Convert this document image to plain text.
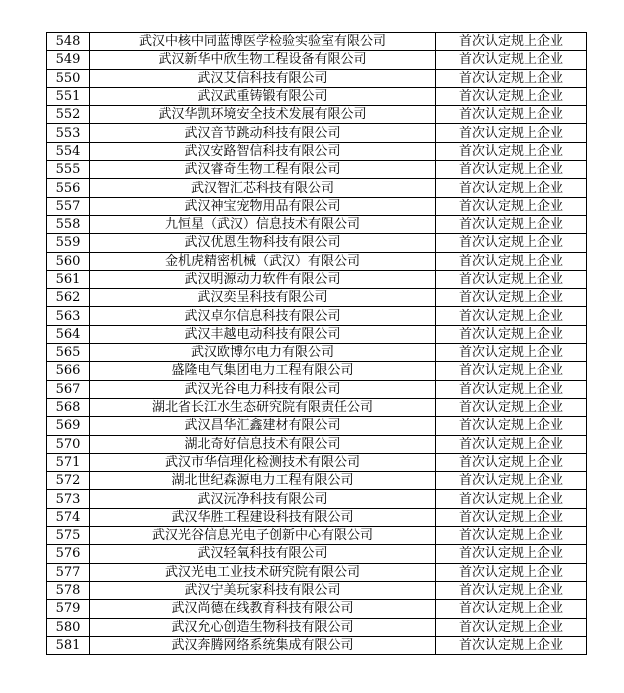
548	武汉中核中同蓝博医学检验实验室有限公司	首次认定规上企业
549	武汉新华中欣生物工程设备有限公司	首次认定规上企业
550	武汉艾信科技有限公司	首次认定规上企业
551	武汉武重铸锻有限公司	首次认定规上企业
552	武汉华凯环境安全技术发展有限公司	首次认定规上企业
553	武汉音节跳动科技有限公司	首次认定规上企业
554	武汉安路智信科技有限公司	首次认定规上企业
555	武汉睿奇生物工程有限公司	首次认定规上企业
556	武汉智汇芯科技有限公司	首次认定规上企业
557	武汉神宝宠物用品有限公司	首次认定规上企业
558	九恒星（武汉）信息技术有限公司	首次认定规上企业
559	武汉优恩生物科技有限公司	首次认定规上企业
560	金机虎精密机械（武汉）有限公司	首次认定规上企业
561	武汉明源动力软件有限公司	首次认定规上企业
562	武汉奕呈科技有限公司	首次认定规上企业
563	武汉卓尔信息科技有限公司	首次认定规上企业
564	武汉丰越电动科技有限公司	首次认定规上企业
565	武汉欧博尔电力有限公司	首次认定规上企业
566	盛隆电气集团电力工程有限公司	首次认定规上企业
567	武汉光谷电力科技有限公司	首次认定规上企业
568	湖北省长江水生态研究院有限责任公司	首次认定规上企业
569	武汉昌华汇鑫建材有限公司	首次认定规上企业
570	湖北奇好信息技术有限公司	首次认定规上企业
571	武汉市华信理化检测技术有限公司	首次认定规上企业
572	湖北世纪森源电力工程有限公司	首次认定规上企业
573	武汉沅净科技有限公司	首次认定规上企业
574	武汉华胜工程建设科技有限公司	首次认定规上企业
575	武汉光谷信息光电子创新中心有限公司	首次认定规上企业
576	武汉轻氧科技有限公司	首次认定规上企业
577	武汉光电工业技术研究院有限公司	首次认定规上企业
578	武汉宁美玩家科技有限公司	首次认定规上企业
579	武汉尚德在线教育科技有限公司	首次认定规上企业
580	武汉允心创造生物科技有限公司	首次认定规上企业
581	武汉奔腾网络系统集成有限公司	首次认定规上企业
